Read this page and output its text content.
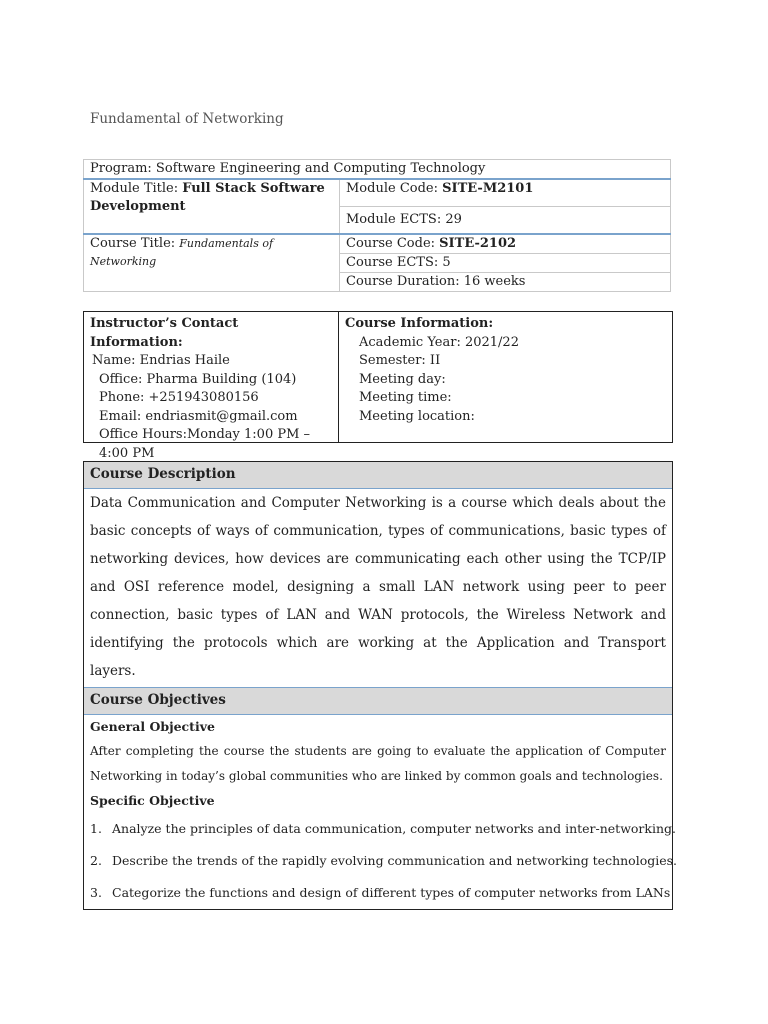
Fundamental of Networking
Program: Software Engineering and Computing Technology	
Module Title: Full Stack Software Development	Module Code: SITE-M2101
	Module ECTS: 29
Course Title: Fundamentals of Networking	Course Code: SITE-2102
	Course ECTS: 5
	Course Duration: 16 weeks
Instructor’s Contact Information:
Name: Endrias Haile
Office: Pharma Building (104)
Phone: +251943080156
Email: endriasmit@gmail.com
Office Hours:Monday 1:00 PM –
4:00 PM
Course Information:
Academic Year: 2021/22
Semester: II
Meeting day:
Meeting time:
Meeting location:
Course Description
Data Communication and Computer Networking is a course which deals about the basic concepts of ways of communication, types of communications, basic types of networking devices, how devices are communicating each other using the TCP/IP and OSI reference model, designing a small LAN network using peer to peer connection, basic types of LAN and WAN protocols, the Wireless Network and identifying the protocols which are working at the Application and Transport layers.
Course Objectives
General Objective
After completing the course the students are going to evaluate the application of Computer Networking in today’s global communities who are linked by common goals and technologies.
Specific Objective
1. Analyze the principles of data communication, computer networks and inter-networking.
2. Describe the trends of the rapidly evolving communication and networking technologies.
3. Categorize the functions and design of different types of computer networks from LANs
